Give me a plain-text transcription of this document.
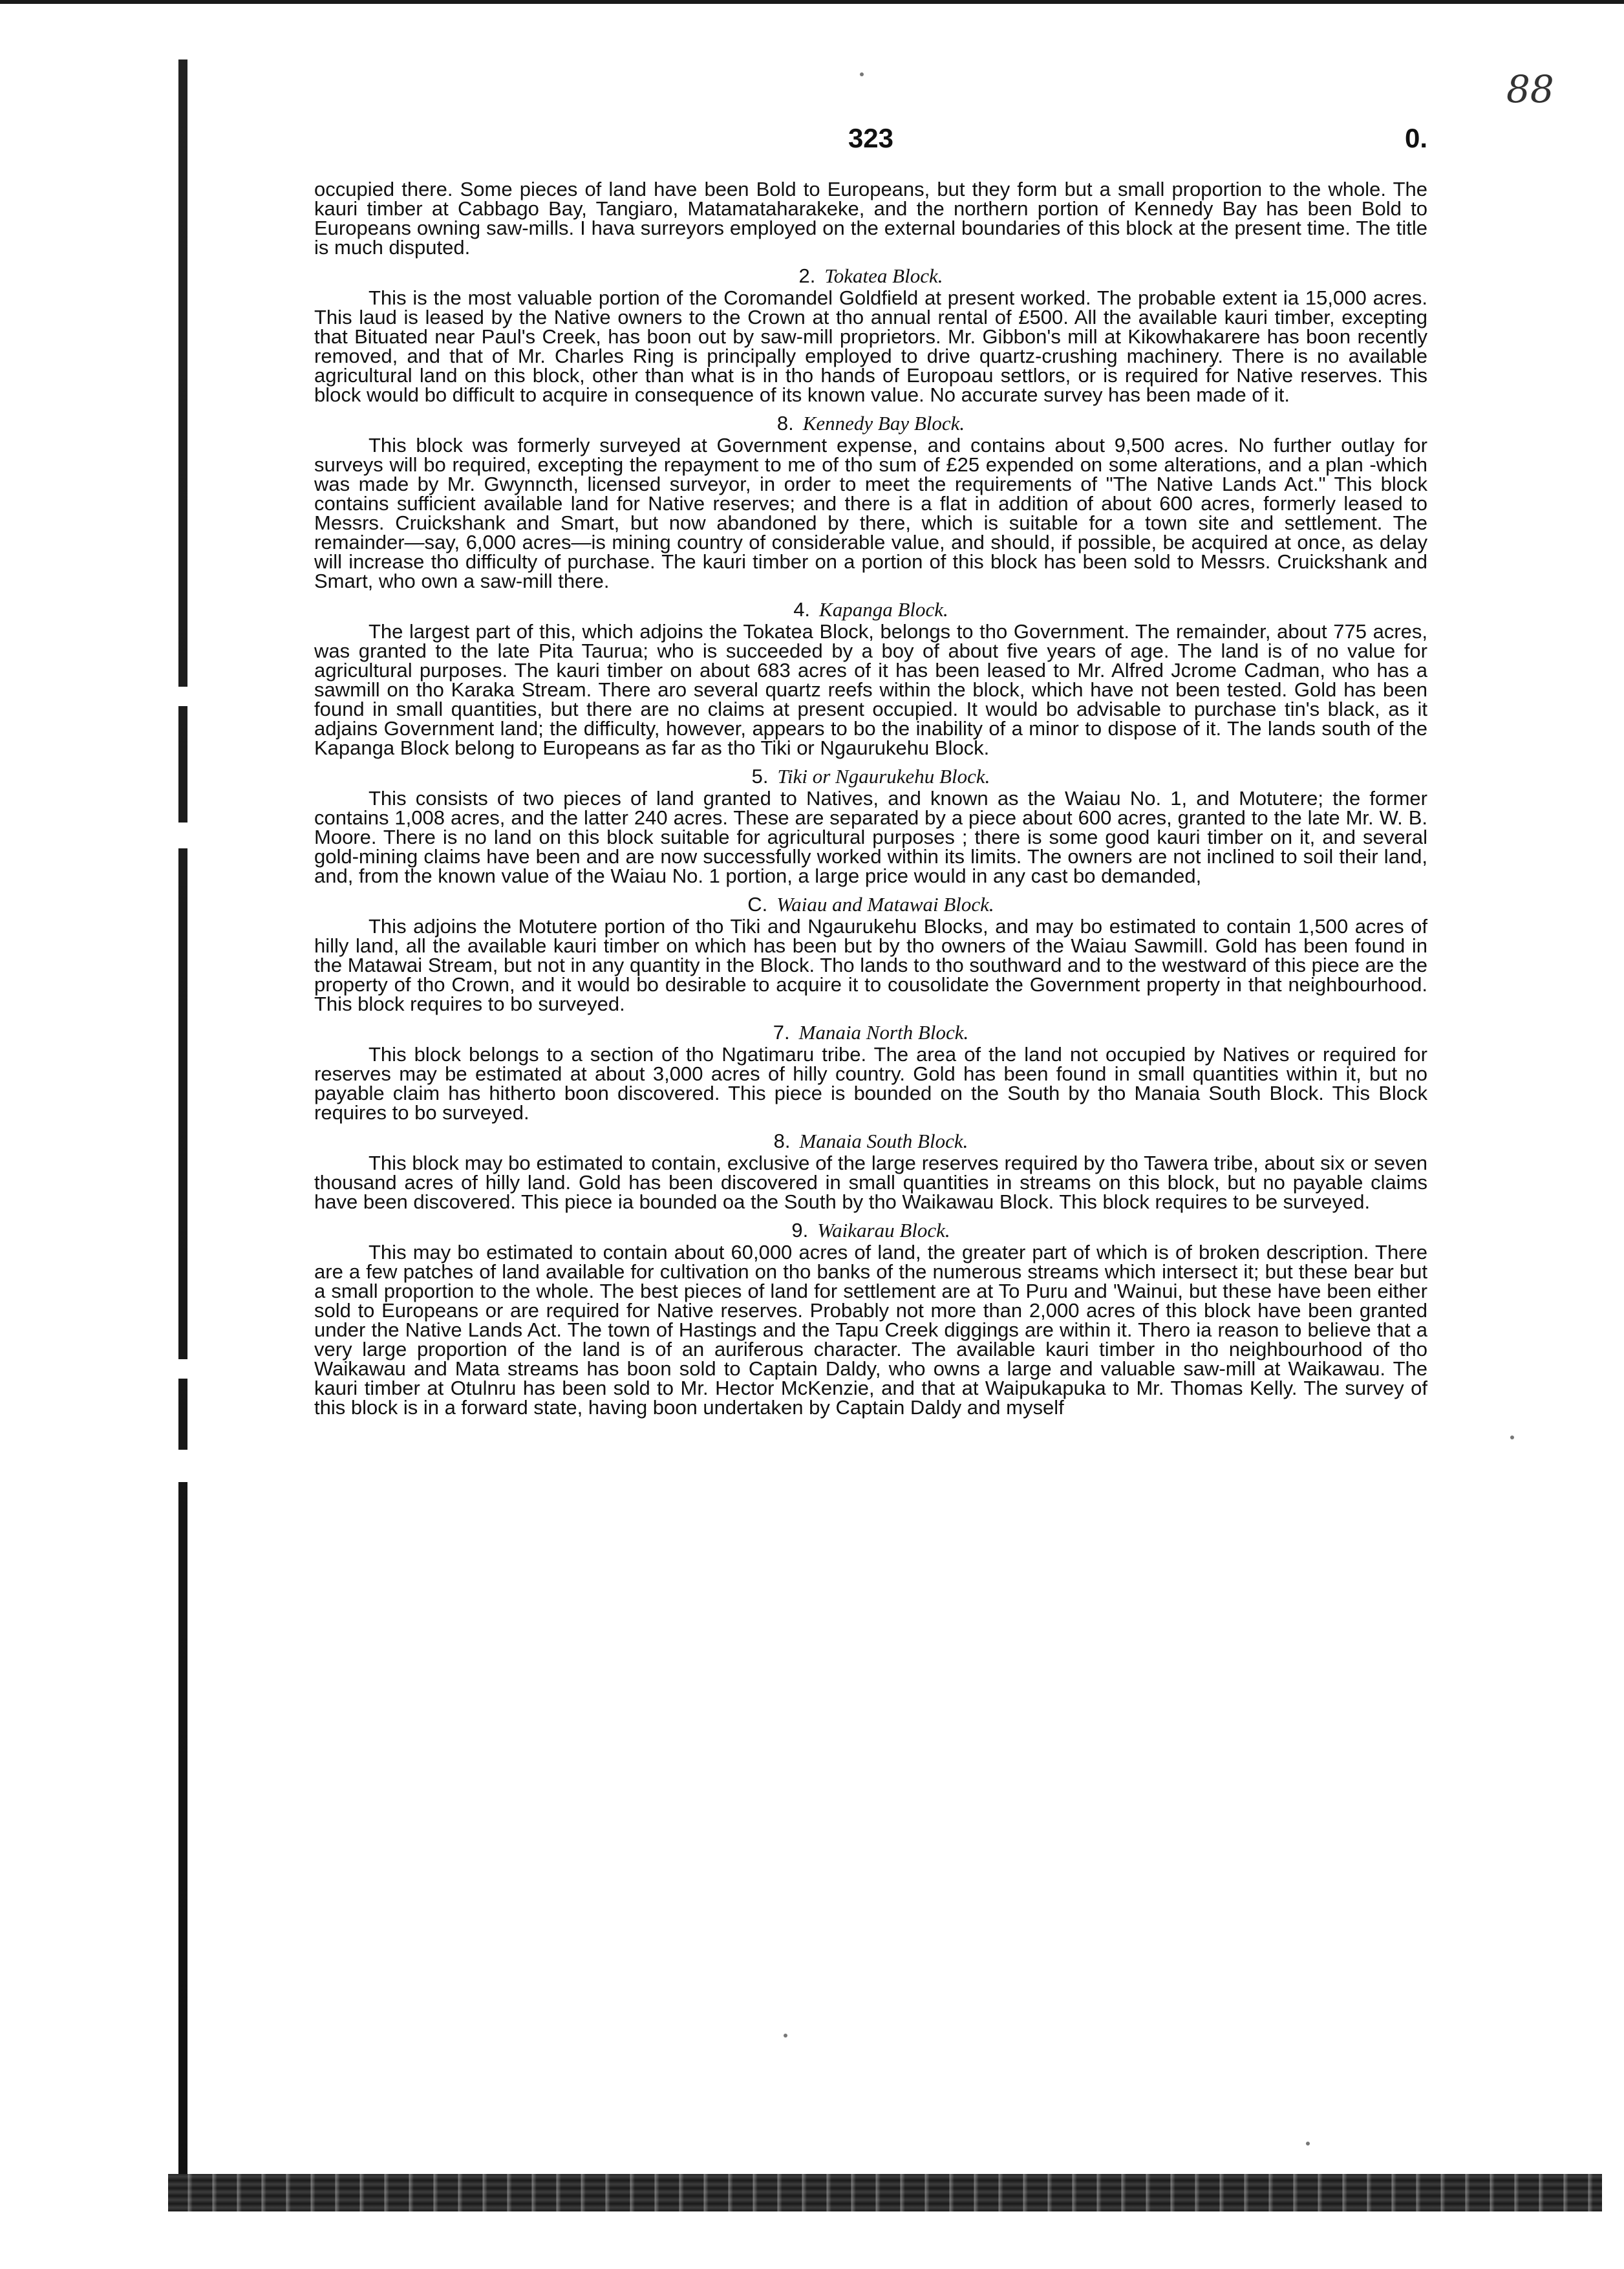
88
323	0.

occupied there. Some pieces of land have been Bold to Europeans, but they form but a small proportion to the whole. The kauri timber at Cabbago Bay, Tangiaro, Matamataharakeke, and the northern portion of Kennedy Bay has been Bold to Europeans owning saw-mills. I hava surreyors employed on the external boundaries of this block at the present time. The title is much disputed.

2. Tokatea Block.

This is the most valuable portion of the Coromandel Goldfield at present worked. The probable extent ia 15,000 acres. This laud is leased by the Native owners to the Crown at tho annual rental of £500. All the available kauri timber, excepting that Bituated near Paul's Creek, has boon out by saw-mill proprietors. Mr. Gibbon's mill at Kikowhakarere has boon recently removed, and that of Mr. Charles Ring is principally employed to drive quartz-crushing machinery. There is no available agricultural land on this block, other than what is in tho hands of Europoau settlors, or is required for Native reserves. This block would bo difficult to acquire in consequence of its known value. No accurate survey has been made of it.

8. Kennedy Bay Block.

This block was formerly surveyed at Government expense, and contains about 9,500 acres. No further outlay for surveys will bo required, excepting the repayment to me of tho sum of £25 expended on some alterations, and a plan -which was made by Mr. Gwynncth, licensed surveyor, in order to meet the requirements of "The Native Lands Act." This block contains sufficient available land for Native reserves; and there is a flat in addition of about 600 acres, formerly leased to Messrs. Cruickshank and Smart, but now abandoned by there, which is suitable for a town site and settlement. The remainder—say, 6,000 acres—is mining country of considerable value, and should, if possible, be acquired at once, as delay will increase tho difficulty of purchase. The kauri timber on a portion of this block has been sold to Messrs. Cruickshank and Smart, who own a saw-mill there.

4. Kapanga Block.

The largest part of this, which adjoins the Tokatea Block, belongs to tho Government. The remainder, about 775 acres, was granted to the late Pita Taurua; who is succeeded by a boy of about five years of age. The land is of no value for agricultural purposes. The kauri timber on about 683 acres of it has been leased to Mr. Alfred Jcrome Cadman, who has a sawmill on tho Karaka Stream. There aro several quartz reefs within the block, which have not been tested. Gold has been found in small quantities, but there are no claims at present occupied. It would bo advisable to purchase tin's black, as it adjains Government land; the difficulty, however, appears to bo the inability of a minor to dispose of it. The lands south of the Kapanga Block belong to Europeans as far as tho Tiki or Ngaurukehu Block.

5. Tiki or Ngaurukehu Block.

This consists of two pieces of land granted to Natives, and known as the Waiau No. 1, and Motutere; the former contains 1,008 acres, and the latter 240 acres. These are separated by a piece about 600 acres, granted to the late Mr. W. B. Moore. There is no land on this block suitable for agricultural purposes ; there is some good kauri timber on it, and several gold-mining claims have been and are now successfully worked within its limits. The owners are not inclined to soil their land, and, from the known value of the Waiau No. 1 portion, a large price would in any cast bo demanded,

C. Waiau and Matawai Block.

This adjoins the Motutere portion of tho Tiki and Ngaurukehu Blocks, and may bo estimated to contain 1,500 acres of hilly land, all the available kauri timber on which has been but by tho owners of the Waiau Sawmill. Gold has been found in the Matawai Stream, but not in any quantity in the Block. Tho lands to tho southward and to the westward of this piece are the property of tho Crown, and it would bo desirable to acquire it to cousolidate the Government property in that neighbourhood. This block requires to bo surveyed.

7. Manaia North Block.

This block belongs to a section of tho Ngatimaru tribe. The area of the land not occupied by Natives or required for reserves may be estimated at about 3,000 acres of hilly country. Gold has been found in small quantities within it, but no payable claim has hitherto boon discovered. This piece is bounded on the South by tho Manaia South Block. This Block requires to bo surveyed.

8. Manaia South Block.

This block may bo estimated to contain, exclusive of the large reserves required by tho Tawera tribe, about six or seven thousand acres of hilly land. Gold has been discovered in small quantities in streams on this block, but no payable claims have been discovered. This piece ia bounded oa the South by tho Waikawau Block. This block requires to be surveyed.

9. Waikarau Block.

This may bo estimated to contain about 60,000 acres of land, the greater part of which is of broken description. There are a few patches of land available for cultivation on tho banks of the numerous streams which intersect it; but these bear but a small proportion to the whole. The best pieces of land for settlement are at To Puru and 'Wainui, but these have been either sold to Europeans or are required for Native reserves. Probably not more than 2,000 acres of this block have been granted under the Native Lands Act. The town of Hastings and the Tapu Creek diggings are within it. Thero ia reason to believe that a very large proportion of the land is of an auriferous character. The available kauri timber in tho neighbourhood of tho Waikawau and Mata streams has boon sold to Captain Daldy, who owns a large and valuable saw-mill at Waikawau. The kauri timber at Otulnru has been sold to Mr. Hector McKenzie, and that at Waipukapuka to Mr. Thomas Kelly. The survey of this block is in a forward state, having boon undertaken by Captain Daldy and myself
